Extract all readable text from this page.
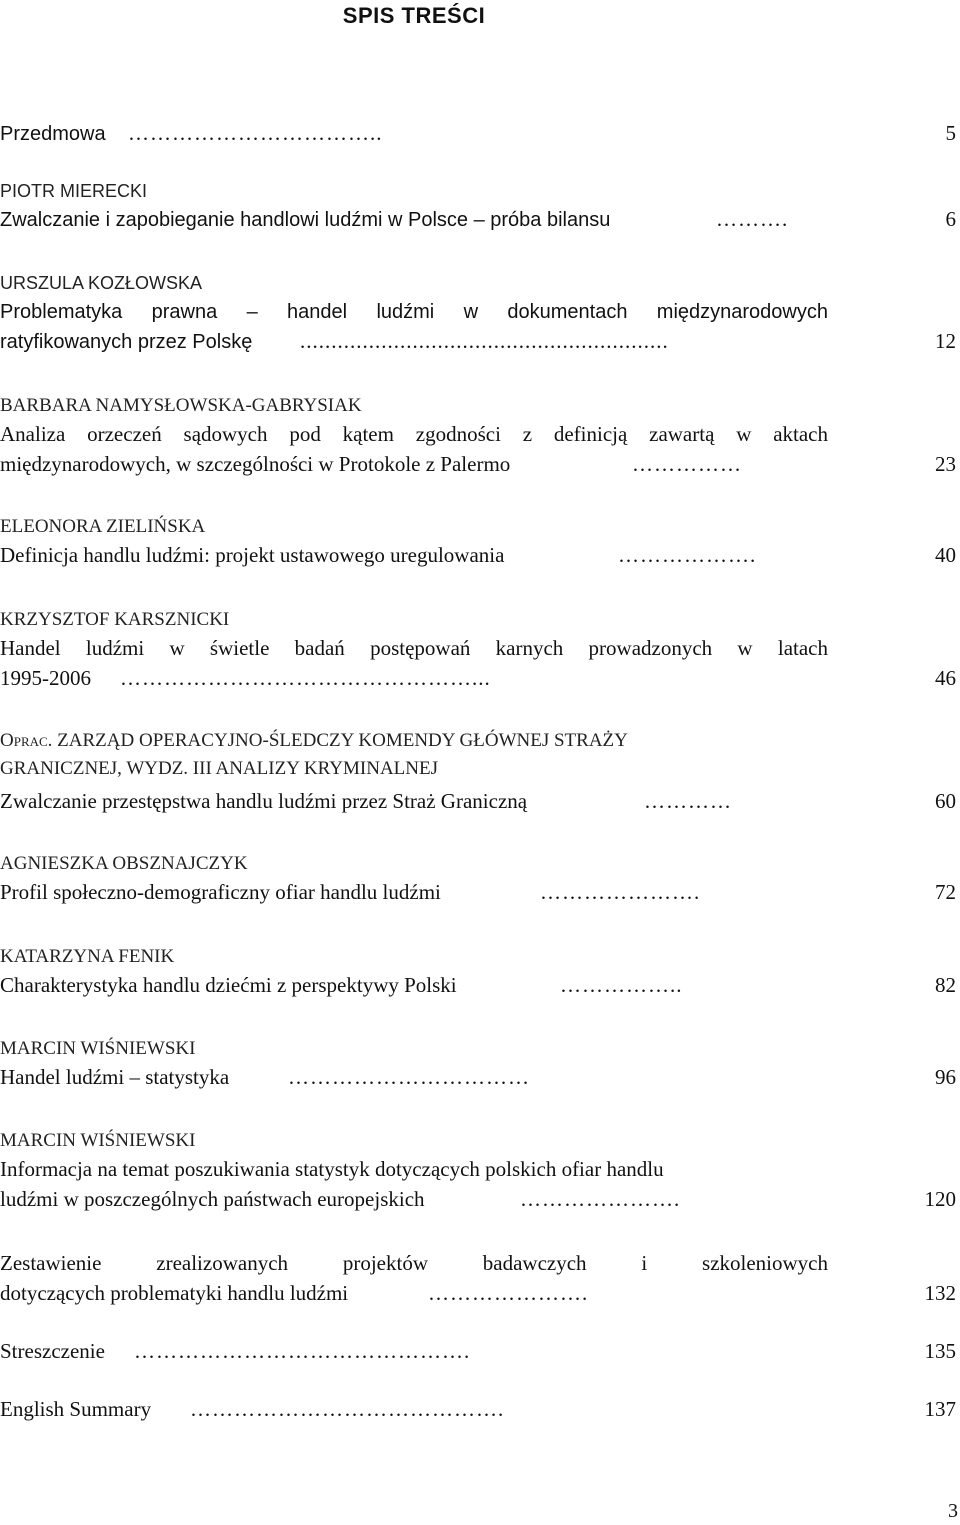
SPIS TREŚCI
Przedmowa ……………………………..	5
PIOTR MIERECKI
Zwalczanie i zapobieganie handlowi ludźmi w Polsce – próba bilansu	……….	6
URSZULA KOZŁOWSKA
Problematyka prawna – handel ludźmi w dokumentach międzynarodowych
ratyfikowanych przez Polskę ...........................................................	12
BARBARA NAMYSŁOWSKA-GABRYSIAK
Analiza orzeczeń sądowych pod kątem zgodności z definicją zawartą w aktach
międzynarodowych, w szczególności w Protokole z Palermo	……………	23
ELEONORA ZIELIŃSKA
Definicja handlu ludźmi: projekt ustawowego uregulowania	……………….	40
KRZYSZTOF KARSZNICKI
Handel ludźmi w świetle badań postępowań karnych prowadzonych w latach
1995-2006 …………………………………………...	46
Oprac. ZARZĄD OPERACYJNO-ŚLEDCZY KOMENDY GŁÓWNEJ STRAŻY
GRANICZNEJ, WYDZ. III ANALIZY KRYMINALNEJ
Zwalczanie przestępstwa handlu ludźmi przez Straż Graniczną	…………	60
AGNIESZKA OBSZNAJCZYK
Profil społeczno-demograficzny ofiar handlu ludźmi	………………….	72
KATARZYNA FENIK
Charakterystyka handlu dziećmi z perspektywy Polski	……………..	82
MARCIN WIŚNIEWSKI
Handel ludźmi – statystyka	……………………………	96
MARCIN WIŚNIEWSKI
Informacja na temat poszukiwania statystyk dotyczących polskich ofiar handlu
ludźmi w poszczególnych państwach europejskich	………………….	120
Zestawienie zrealizowanych projektów badawczych i szkoleniowych
dotyczących problematyki handlu ludźmi	………………….	132
Streszczenie ……………………………………….	135
English Summary …………………………………….	137
3
